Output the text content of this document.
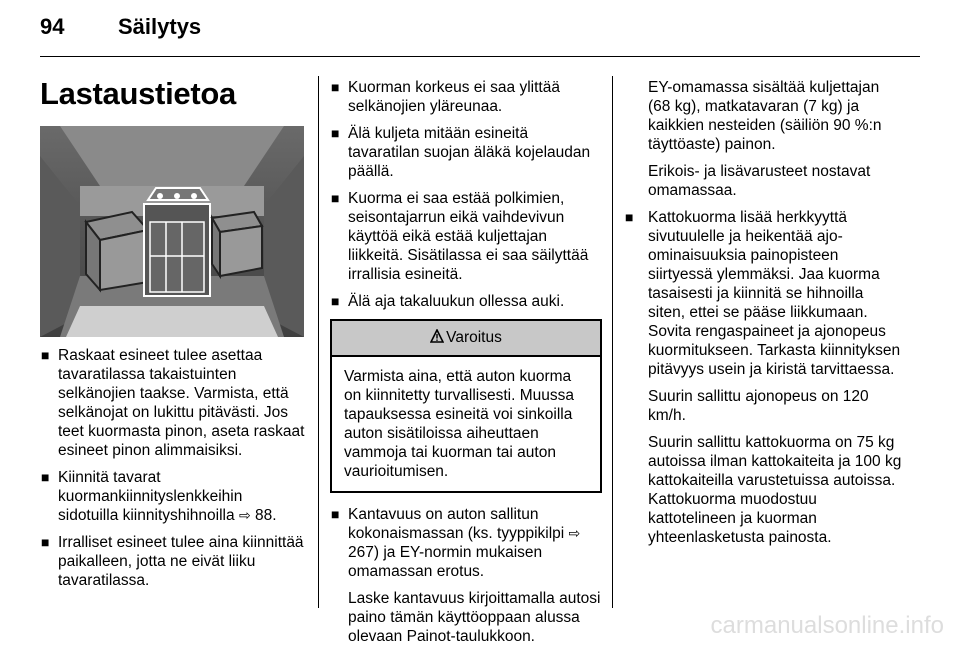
94 Säilytys
Lastaustietoa
■ Raskaat esineet tulee asettaa tavaratilassa takaistuinten selkänojien taakse. Varmista, että selkänojat on lukittu pitävästi. Jos teet kuormasta pinon, aseta raskaat esineet pinon alimmaisiksi.
■ Kiinnitä tavarat kuormankiinnityslenkkeihin sidotuilla kiinnityshihnoilla ⇨ 88.
■ Irralliset esineet tulee aina kiinnittää paikalleen, jotta ne eivät liiku tavaratilassa.
■ Kuorman korkeus ei saa ylittää selkänojien yläreunaa.
■ Älä kuljeta mitään esineitä tavaratilan suojan äläkä kojelaudan päällä.
■ Kuorma ei saa estää polkimien, seisontajarrun eikä vaihdevivun käyttöä eikä estää kuljettajan liikkeitä. Sisätilassa ei saa säilyttää irrallisia esineitä.
■ Älä aja takaluukun ollessa auki.
Varoitus
Varmista aina, että auton kuorma on kiinnitetty turvallisesti. Muussa tapauksessa esineitä voi sinkoilla auton sisätiloissa aiheuttaen vammoja tai kuorman tai auton vaurioitumisen.
■ Kantavuus on auton sallitun kokonaismassan (ks. tyyppikilpi ⇨ 267) ja EY-normin mukaisen omamassan erotus.
Laske kantavuus kirjoittamalla autosi paino tämän käyttöoppaan alussa olevaan Painot-taulukkoon.
EY-omamassa sisältää kuljettajan (68 kg), matkatavaran (7 kg) ja kaikkien nesteiden (säiliön 90 %:n täyttöaste) painon.
Erikois- ja lisävarusteet nostavat omamassaa.
■ Kattokuorma lisää herkkyyttä sivutuulelle ja heikentää ajo-ominaisuuksia painopisteen siirtyessä ylemmäksi. Jaa kuorma tasaisesti ja kiinnitä se hihnoilla siten, ettei se pääse liikkumaan. Sovita rengaspaineet ja ajonopeus kuormitukseen. Tarkasta kiinnityksen pitävyys usein ja kiristä tarvittaessa.
Suurin sallittu ajonopeus on 120 km/h.
Suurin sallittu kattokuorma on 75 kg autoissa ilman kattokaiteita ja 100 kg kattokaiteilla varustetuissa autoissa. Kattokuorma muodostuu kattotelineen ja kuorman yhteenlasketusta painosta.
carmanualsonline.info
